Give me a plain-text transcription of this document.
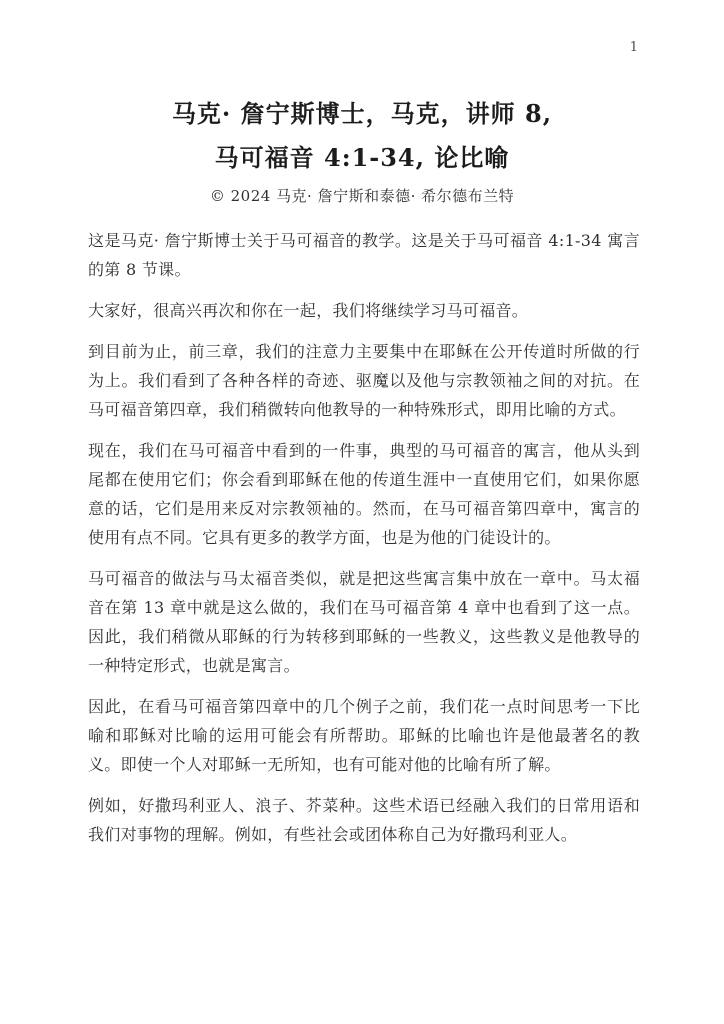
1
马克· 詹宁斯博士，马克，讲师 8,
马可福音 4:1-34, 论比喻
© 2024 马克· 詹宁斯和泰德· 希尔德布兰特

这是马克· 詹宁斯博士关于马可福音的教学。这是关于马可福音 4:1-34 寓言的第 8 节课。

大家好，很高兴再次和你在一起，我们将继续学习马可福音。

到目前为止，前三章，我们的注意力主要集中在耶稣在公开传道时所做的行为上。我们看到了各种各样的奇迹、驱魔以及他与宗教领袖之间的对抗。在马可福音第四章，我们稍微转向他教导的一种特殊形式，即用比喻的方式。

现在，我们在马可福音中看到的一件事，典型的马可福音的寓言，他从头到尾都在使用它们；你会看到耶稣在他的传道生涯中一直使用它们，如果你愿意的话，它们是用来反对宗教领袖的。然而，在马可福音第四章中，寓言的使用有点不同。它具有更多的教学方面，也是为他的门徒设计的。

马可福音的做法与马太福音类似，就是把这些寓言集中放在一章中。马太福音在第 13 章中就是这么做的，我们在马可福音第 4 章中也看到了这一点。因此，我们稍微从耶稣的行为转移到耶稣的一些教义，这些教义是他教导的一种特定形式，也就是寓言。

因此，在看马可福音第四章中的几个例子之前，我们花一点时间思考一下比喻和耶稣对比喻的运用可能会有所帮助。耶稣的比喻也许是他最著名的教义。即使一个人对耶稣一无所知，也有可能对他的比喻有所了解。

例如，好撒玛利亚人、浪子、芥菜种。这些术语已经融入我们的日常用语和我们对事物的理解。例如，有些社会或团体称自己为好撒玛利亚人。
